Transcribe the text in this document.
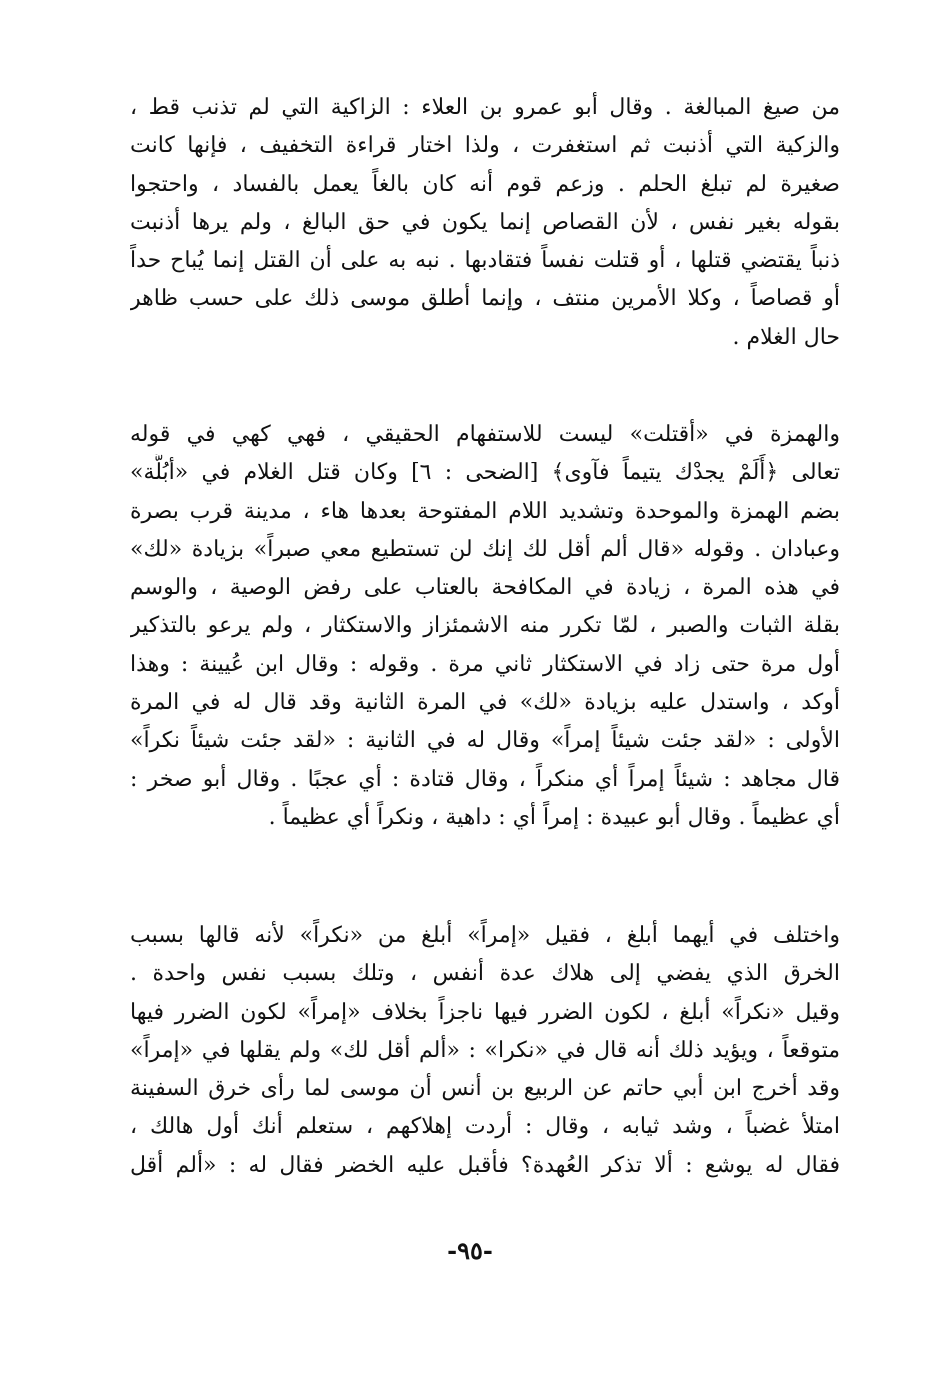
من صيغ المبالغة . وقال أبو عمرو بن العلاء : الزاكية التي لم تذنب قط ،
والزكية التي أذنبت ثم استغفرت ، ولذا اختار قراءة التخفيف ، فإنها كانت
صغيرة لم تبلغ الحلم . وزعم قوم أنه كان بالغاً يعمل بالفساد ، واحتجوا
بقوله بغير نفس ، لأن القصاص إنما يكون في حق البالغ ، ولم يرها أذنبت
ذنباً يقتضي قتلها ، أو قتلت نفساً فتقادبها . نبه به على أن القتل إنما يُباح حداً
أو قصاصاً ، وكلا الأمرين منتف ، وإنما أطلق موسى ذلك على حسب ظاهر
حال الغلام .
والهمزة في «أقتلت» ليست للاستفهام الحقيقي ، فهي كهي في قوله
تعالى ﴿أَلَمْ يجدْك يتيماً فآوى﴾ [الضحى : ٦] وكان قتل الغلام في «أبُلَّة»
بضم الهمزة والموحدة وتشديد اللام المفتوحة بعدها هاء ، مدينة قرب بصرة
وعبادان . وقوله «قال ألم أقل لك إنك لن تستطيع معي صبراً» بزيادة «لك»
في هذه المرة ، زيادة في المكافحة بالعتاب على رفض الوصية ، والوسم
بقلة الثبات والصبر ، لمّا تكرر منه الاشمئزاز والاستكثار ، ولم يرعو بالتذكير
أول مرة حتى زاد في الاستكثار ثاني مرة . وقوله : وقال ابن عُيينة : وهذا
أوكد ، واستدل عليه بزيادة «لك» في المرة الثانية وقد قال له في المرة
الأولى : «لقد جئت شيئاً إمراً» وقال له في الثانية : «لقد جئت شيئاً نكراً»
قال مجاهد : شيئاً إمراً أي منكراً ، وقال قتادة : أي عجبًا . وقال أبو صخر :
أي عظيماً . وقال أبو عبيدة : إمراً أي : داهية ، ونكراً أي عظيماً .
واختلف في أيهما أبلغ ، فقيل «إمراً» أبلغ من «نكراً» لأنه قالها بسبب
الخرق الذي يفضي إلى هلاك عدة أنفس ، وتلك بسبب نفس واحدة .
وقيل «نكراً» أبلغ ، لكون الضرر فيها ناجزاً بخلاف «إمراً» لكون الضرر فيها
متوقعاً ، ويؤيد ذلك أنه قال في «نكرا» : «ألم أقل لك» ولم يقلها في «إمراً»
وقد أخرج ابن أبي حاتم عن الربيع بن أنس أن موسى لما رأى خرق السفينة
امتلأ غضباً ، وشد ثيابه ، وقال : أردت إهلاكهم ، ستعلم أنك أول هالك ،
فقال له يوشع : ألا تذكر العُهدة؟ فأقبل عليه الخضر فقال له : «ألم أقل
-٩٥-
